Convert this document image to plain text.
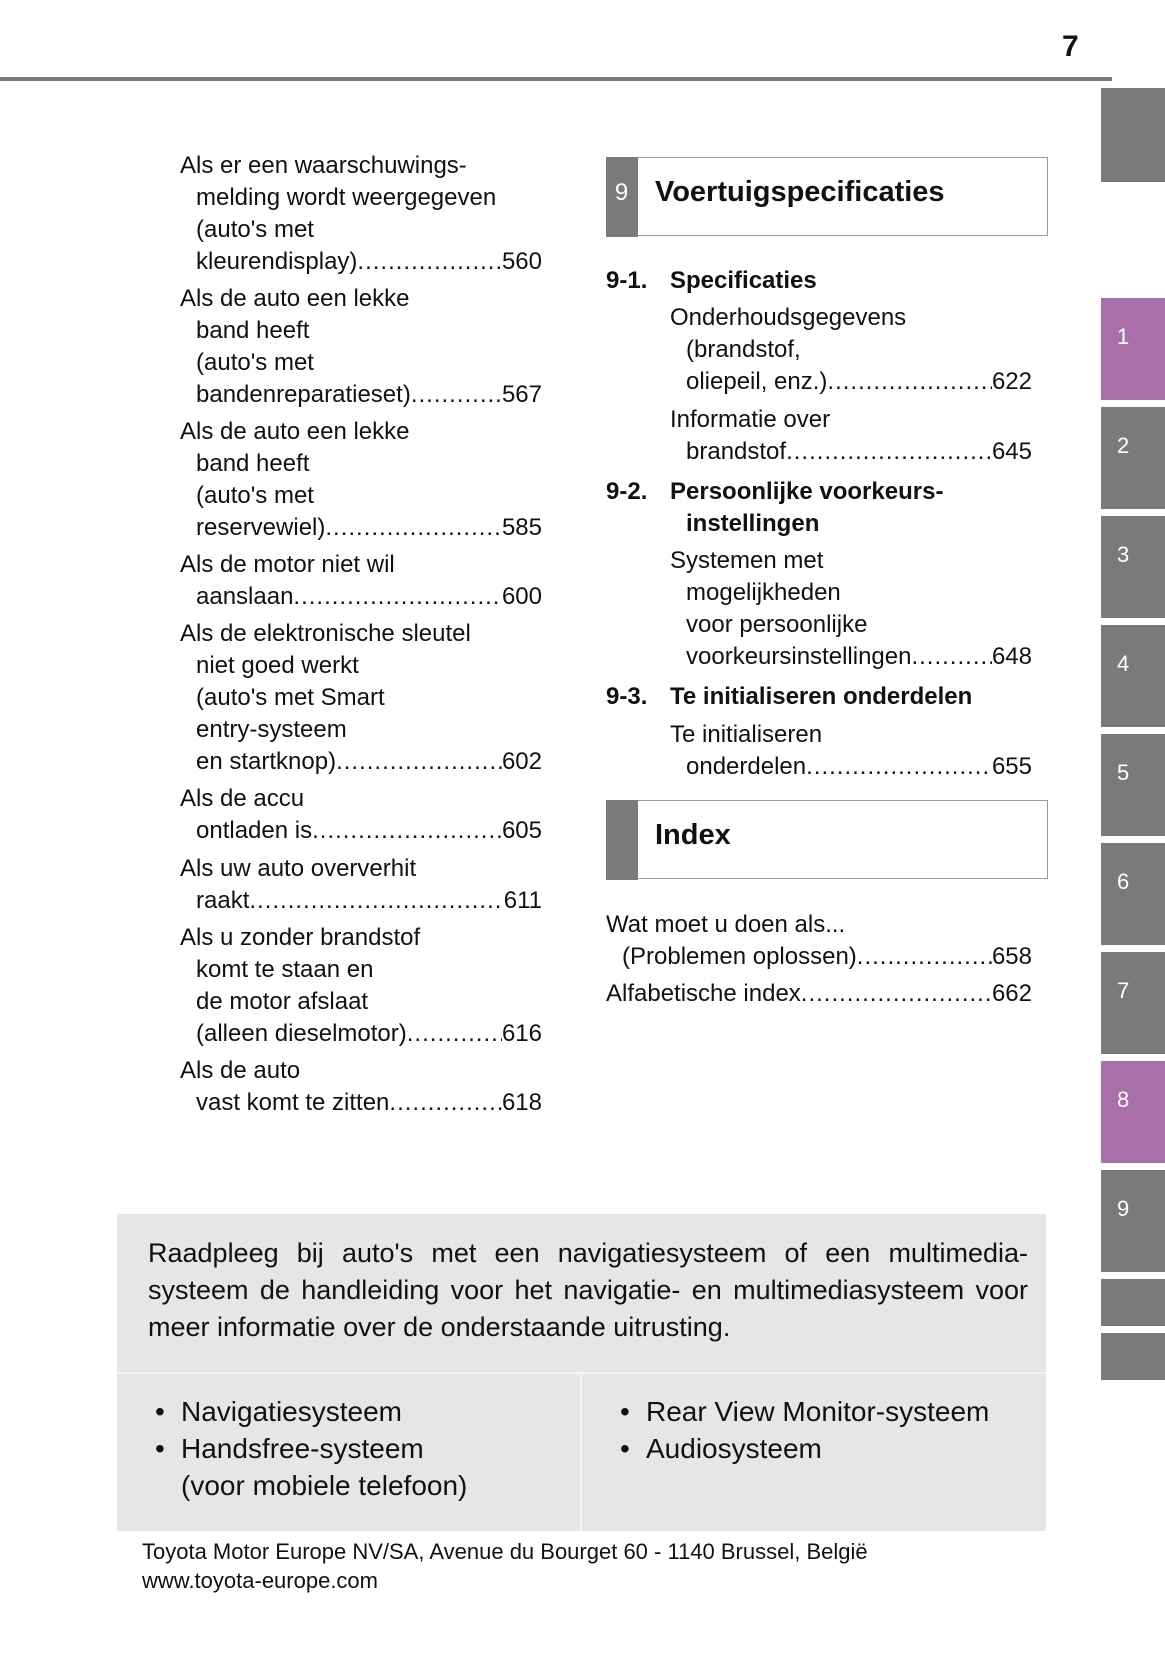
7
1
2
3
4
5
6
7
8
9
Als er een waarschuwings-
melding wordt weergegeven
(auto's met
kleurendisplay) .....	560
Als de auto een lekke
band heeft
(auto's met
bandenreparatieset) .....	567
Als de auto een lekke
band heeft
(auto's met
reservewiel) .....	585
Als de motor niet wil
aanslaan .....	600
Als de elektronische sleutel
niet goed werkt
(auto's met Smart
entry-systeem
en startknop) .....	602
Als de accu
ontladen is .....	605
Als uw auto oververhit
raakt .....	611
Als u zonder brandstof
komt te staan en
de motor afslaat
(alleen dieselmotor) .....	616
Als de auto
vast komt te zitten .....	618
9 Voertuigspecificaties
9-1. Specificaties
Onderhoudsgegevens
(brandstof,
oliepeil, enz.) .....	622
Informatie over
brandstof .....	645
9-2. Persoonlijke voorkeurs-
instellingen
Systemen met
mogelijkheden
voor persoonlijke
voorkeursinstellingen .....	648
9-3. Te initialiseren onderdelen
Te initialiseren
onderdelen .....	655
Index
Wat moet u doen als...
(Problemen oplossen) .....	658
Alfabetische index .....	662
Raadpleeg bij auto's met een navigatiesysteem of een multimedia-systeem de handleiding voor het navigatie- en multimediasysteem voor meer informatie over de onderstaande uitrusting.
• Navigatiesysteem
• Handsfree-systeem
(voor mobiele telefoon)
• Rear View Monitor-systeem
• Audiosysteem
Toyota Motor Europe NV/SA, Avenue du Bourget 60 - 1140 Brussel, België
www.toyota-europe.com
